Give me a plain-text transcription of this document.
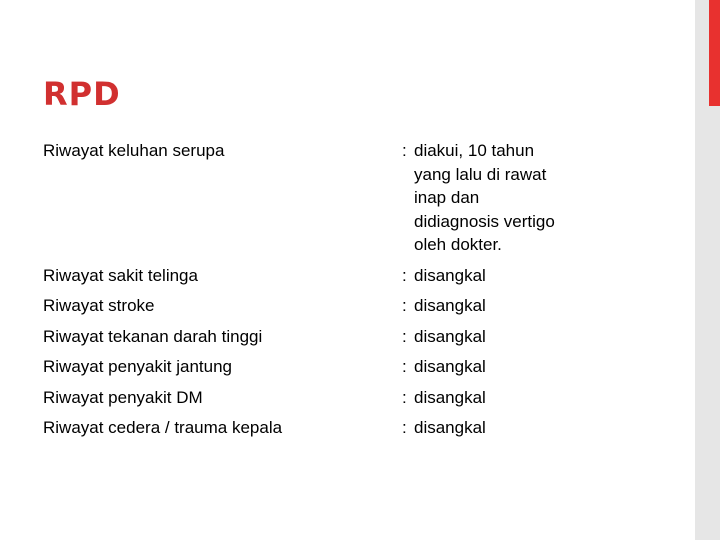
RPD
Riwayat keluhan serupa	: diakui, 10 tahun yang lalu di rawat inap dan didiagnosis vertigo oleh dokter.
Riwayat sakit telinga	: disangkal
Riwayat stroke	: disangkal
Riwayat tekanan darah tinggi	: disangkal
Riwayat penyakit jantung	: disangkal
Riwayat penyakit DM	: disangkal
Riwayat cedera / trauma kepala	: disangkal
